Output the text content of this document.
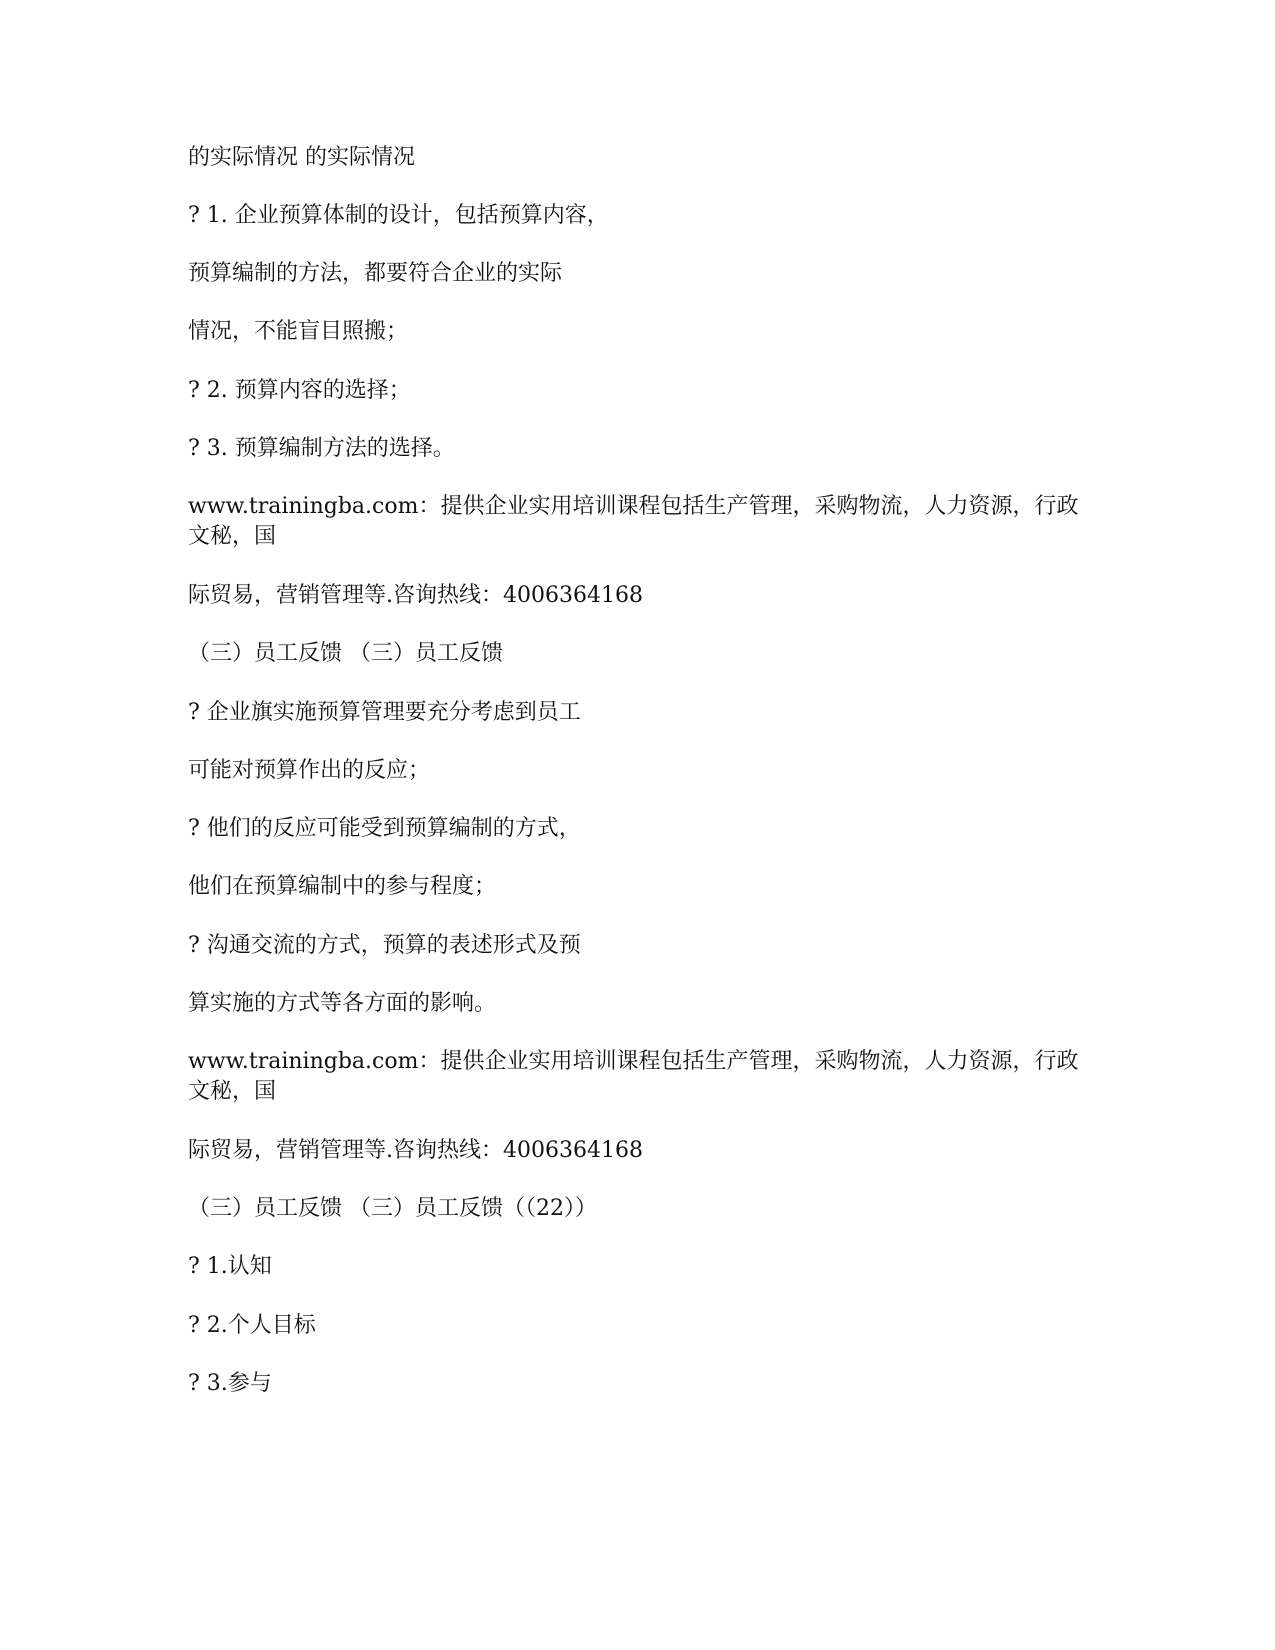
的实际情况 的实际情况
? 1. 企业预算体制的设计，包括预算内容，
预算编制的方法，都要符合企业的实际
情况，不能盲目照搬；
? 2. 预算内容的选择；
? 3. 预算编制方法的选择。
www.trainingba.com：提供企业实用培训课程包括生产管理，采购物流，人力资源，行政文秘，国
际贸易，营销管理等.咨询热线：4006364168
（三）员工反馈 （三）员工反馈
? 企业旗实施预算管理要充分考虑到员工
可能对预算作出的反应；
? 他们的反应可能受到预算编制的方式，
他们在预算编制中的参与程度；
? 沟通交流的方式，预算的表述形式及预
算实施的方式等各方面的影响。
www.trainingba.com：提供企业实用培训课程包括生产管理，采购物流，人力资源，行政文秘，国
际贸易，营销管理等.咨询热线：4006364168
（三）员工反馈 （三）员工反馈（（22））
? 1.认知
? 2.个人目标
? 3.参与
